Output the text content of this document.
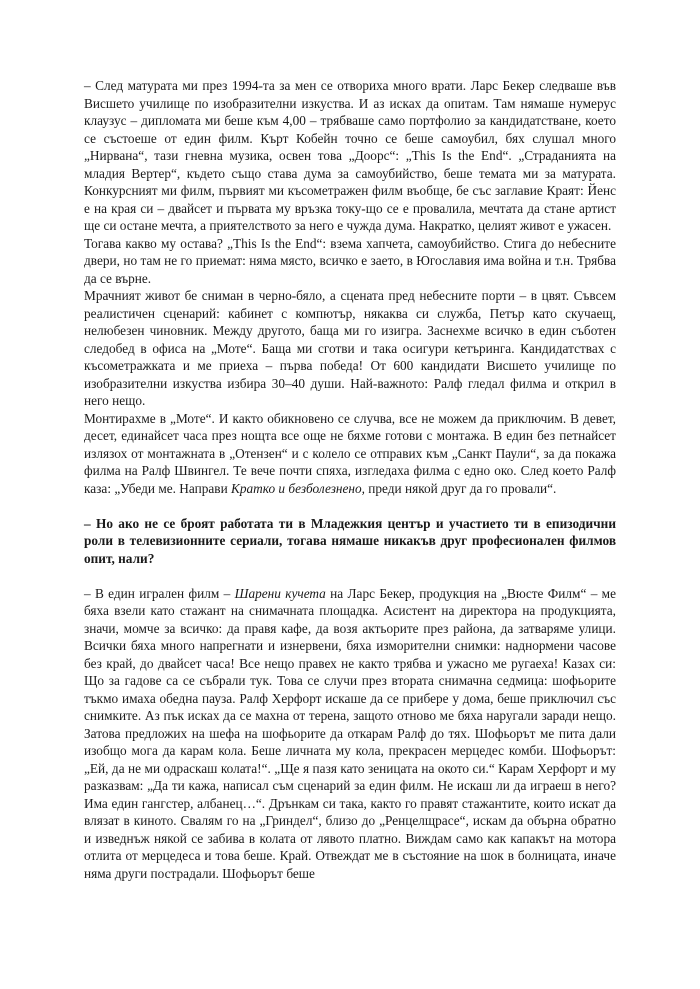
– След матурата ми през 1994-та за мен се отвориха много врати. Ларс Бекер следваше във Висшето училище по изобразителни изкуства. И аз исках да опитам. Там нямаше нумерус клаузус – дипломата ми беше към 4,00 – трябваше само портфолио за кандидатстване, което се състоеше от един филм. Кърт Кобейн точно се беше самоубил, бях слушал много „Нирвана“, тази гневна музика, освен това „Доорс“: „This Is the End“. „Страданията на младия Вертер“, където също става дума за самоубийство, беше темата ми за матурата. Конкурсният ми филм, първият ми късометражен филм въобще, бе със заглавие Краят: Йенс е на края си – двайсет и първата му връзка току-що се е провалила, мечтата да стане артист ще си остане мечта, а приятелството за него е чужда дума. Накратко, целият живот е ужасен.

Тогава какво му остава? „This Is the End“: взема хапчета, самоубийство. Стига до небесните двери, но там не го приемат: няма място, всичко е заето, в Югославия има война и т.н. Трябва да се върне.

Мрачният живот бе сниман в черно-бяло, а сцената пред небесните порти – в цвят. Съвсем реалистичен сценарий: кабинет с компютър, някаква си служба, Петър като скучаещ, нелюбезен чиновник. Между другото, баща ми го изигра. Заснехме всичко в един съботен следобед в офиса на „Моте“. Баща ми сготви и така осигури кетъринга. Кандидатствах с късометражката и ме приеха – първа победа! От 600 кандидати Висшето училище по изобразителни изкуства избира 30–40 души. Най-важното: Ралф гледал филма и открил в него нещо.

Монтирахме в „Моте“. И както обикновено се случва, все не можем да приключим. В девет, десет, единайсет часа през нощта все още не бяхме готови с монтажа. В един без петнайсет излязох от монтажната в „Отензен“ и с колело се отправих към „Санкт Паули“, за да покажа филма на Ралф Швингел. Те вече почти спяха, изгледаха филма с едно око. След което Ралф каза: „Убеди ме. Направи Кратко и безболезнено, преди някой друг да го провали“.

– Но ако не се броят работата ти в Младежкия център и участието ти в епизодични роли в телевизионните сериали, тогава нямаше никакъв друг професионален филмов опит, нали?

– В един игрален филм – Шарени кучета на Ларс Бекер, продукция на „Вюсте Филм“ – ме бяха взели като стажант на снимачната площадка. Асистент на директора на продукцията, значи, момче за всичко: да правя кафе, да возя актьорите през района, да затваряме улици. Всички бяха много напрегнати и изнервени, бяха изморителни снимки: наднормени часове без край, до двайсет часа! Все нещо правех не както трябва и ужасно ме ругаеха! Казах си: Що за гадове са се събрали тук. Това се случи през втората снимачна седмица: шофьорите тъкмо имаха обедна пауза. Ралф Херфорт искаше да се прибере у дома, беше приключил със снимките. Аз пък исках да се махна от терена, защото отново ме бяха наругали заради нещо. Затова предложих на шефа на шофьорите да откарам Ралф до тях. Шофьорът ме пита дали изобщо мога да карам кола. Беше личната му кола, прекрасен мерцедес комби. Шофьорът: „Ей, да не ми одраскаш колата!“. „Ще я пазя като зеницата на окото си.“ Карам Херфорт и му разказвам: „Да ти кажа, написал съм сценарий за един филм. Не искаш ли да играеш в него? Има един гангстер, албанец…“. Дрънкам си така, както го правят стажантите, които искат да влязат в киното. Свалям го на „Гриндел“, близо до „Ренцелщрасе“, искам да обърна обратно и изведнъж някой се забива в колата от лявото платно. Виждам само как капакът на мотора отлита от мерцедеса и това беше. Край. Отвеждат ме в състояние на шок в болницата, иначе няма други пострадали. Шофьорът беше
